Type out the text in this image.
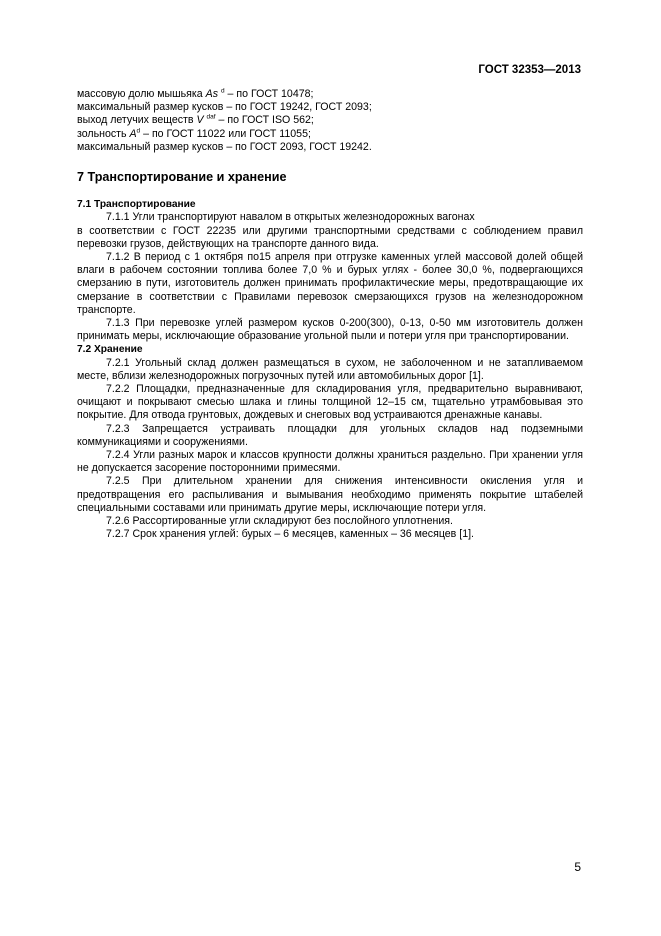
ГОСТ 32353—2013
массовую долю мышьяка As $^d$ – по ГОСТ 10478;
максимальный размер кусков – по ГОСТ 19242, ГОСТ 2093;
выход летучих веществ V $^{daf}$ – по ГОСТ ISO 562;
зольность $A^d$ – по ГОСТ 11022 или ГОСТ 11055;
максимальный размер кусков – по ГОСТ 2093, ГОСТ 19242.
7 Транспортирование и хранение
7.1 Транспортирование

7.1.1 Угли транспортируют навалом в открытых железнодорожных вагонах

в соответствии с ГОСТ 22235 или другими транспортными средствами с соблюдением правил перевозки грузов, действующих на транспорте данного вида.

7.1.2 В период с 1 октября по15 апреля при отгрузке каменных углей массовой долей общей влаги в рабочем состоянии топлива более 7,0 % и бурых углях - более 30,0 %, подвергающихся смерзанию в пути, изготовитель должен принимать профилактические меры, предотвращающие их смерзание в соответствии с Правилами перевозок смерзающихся грузов на железнодорожном транспорте.

7.1.3 При перевозке углей размером кусков 0-200(300), 0-13, 0-50 мм изготовитель должен принимать меры, исключающие образование угольной пыли и потери угля при транспортировании.

7.2 Хранение

7.2.1 Угольный склад должен размещаться в сухом, не заболоченном и не затапливаемом месте, вблизи железнодорожных погрузочных путей или автомобильных дорог [1].

7.2.2 Площадки, предназначенные для складирования угля, предварительно выравнивают, очищают и покрывают смесью шлака и глины толщиной 12–15 см, тщательно утрамбовывая это покрытие. Для отвода грунтовых, дождевых и снеговых вод устраиваются дренажные канавы.

7.2.3 Запрещается устраивать площадки для угольных складов над подземными коммуникациями и сооружениями.

7.2.4 Угли разных марок и классов крупности должны храниться раздельно. При хранении угля не допускается засорение посторонними примесями.

7.2.5 При длительном хранении для снижения интенсивности окисления угля и предотвращения его распыливания и вымывания необходимо применять покрытие штабелей специальными составами или принимать другие меры, исключающие потери угля.

7.2.6 Рассортированные угли складируют без послойного уплотнения.

7.2.7 Срок хранения углей: бурых – 6 месяцев, каменных – 36 месяцев [1].

5
